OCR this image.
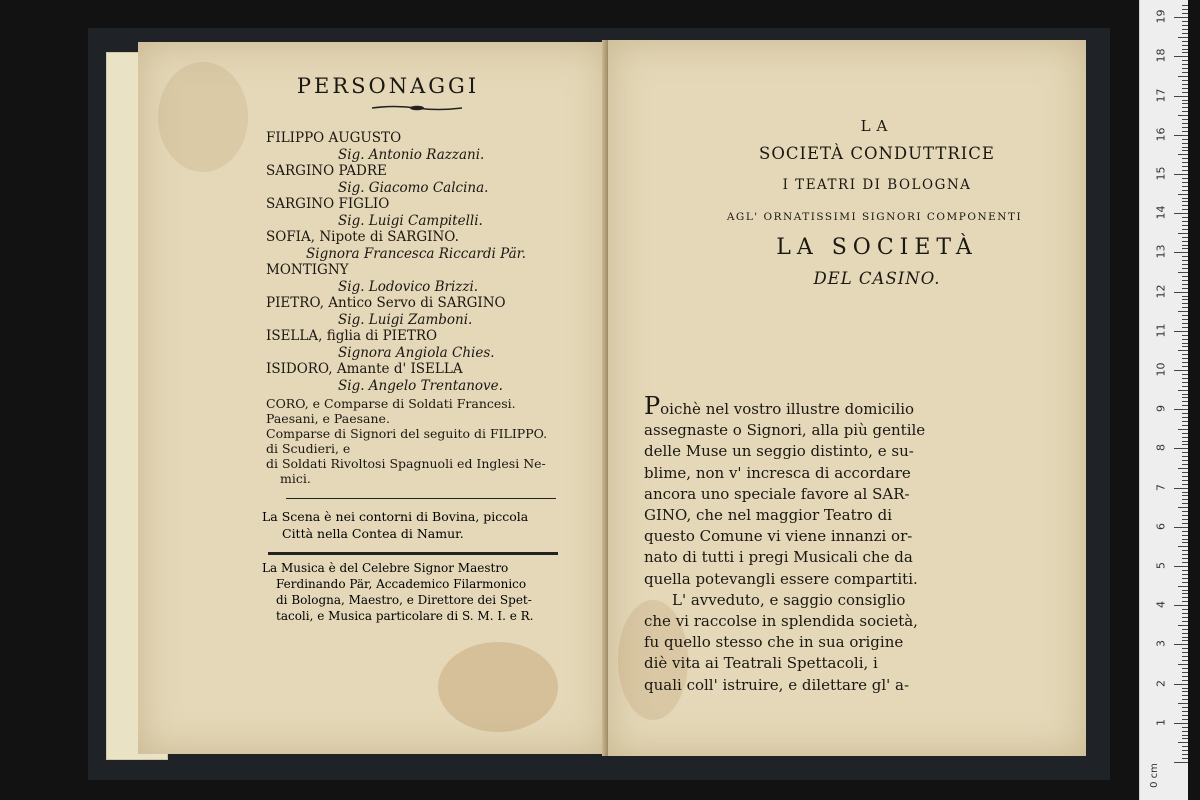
PERSONAGGI
FILIPPO AUGUSTO
Sig. Antonio Razzani.
SARGINO PADRE
Sig. Giacomo Calcina.
SARGINO FIGLIO
Sig. Luigi Campitelli.
SOFIA, Nipote di SARGINO.
Signora Francesca Riccardi Pär.
MONTIGNY
Sig. Lodovico Brizzi.
PIETRO, Antico Servo di SARGINO
Sig. Luigi Zamboni.
ISELLA, figlia di PIETRO
Signora Angiola Chies.
ISIDORO, Amante d' ISELLA
Sig. Angelo Trentanove.
CORO, e Comparse di Soldati Francesi.
Paesani, e Paesane.
Comparse di Signori del seguito di FILIPPO.
di Scudieri, e
di Soldati Rivoltosi Spagnuoli ed Inglesi Ne-
mici.
La Scena è nei contorni di Bovina, piccola
Città nella Contea di Namur.
La Musica è del Celebre Signor Maestro
Ferdinando Pär, Accademico Filarmonico
di Bologna, Maestro, e Direttore dei Spet-
tacoli, e Musica particolare di S. M. I. e R.
LA
SOCIETÀ CONDUTTRICE
I TEATRI DI BOLOGNA
AGL' ORNATISSIMI SIGNORI COMPONENTI
LA SOCIETÀ
DEL CASINO.
Poichè nel vostro illustre domicilio
assegnaste o Signori, alla più gentile
delle Muse un seggio distinto, e su-
blime, non v' incresca di accordare
ancora uno speciale favore al SAR-
GINO, che nel maggior Teatro di
questo Comune vi viene innanzi or-
nato di tutti i pregi Musicali che da
quella potevangli essere compartiti.
L' avveduto, e saggio consiglio
che vi raccolse in splendida società,
fu quello stesso che in sua origine
diè vita ai Teatrali Spettacoli, i
quali coll' istruire, e dilettare gl' a-
0 cm
1
2
3
4
5
6
7
8
9
10
11
12
13
14
15
16
17
18
19
